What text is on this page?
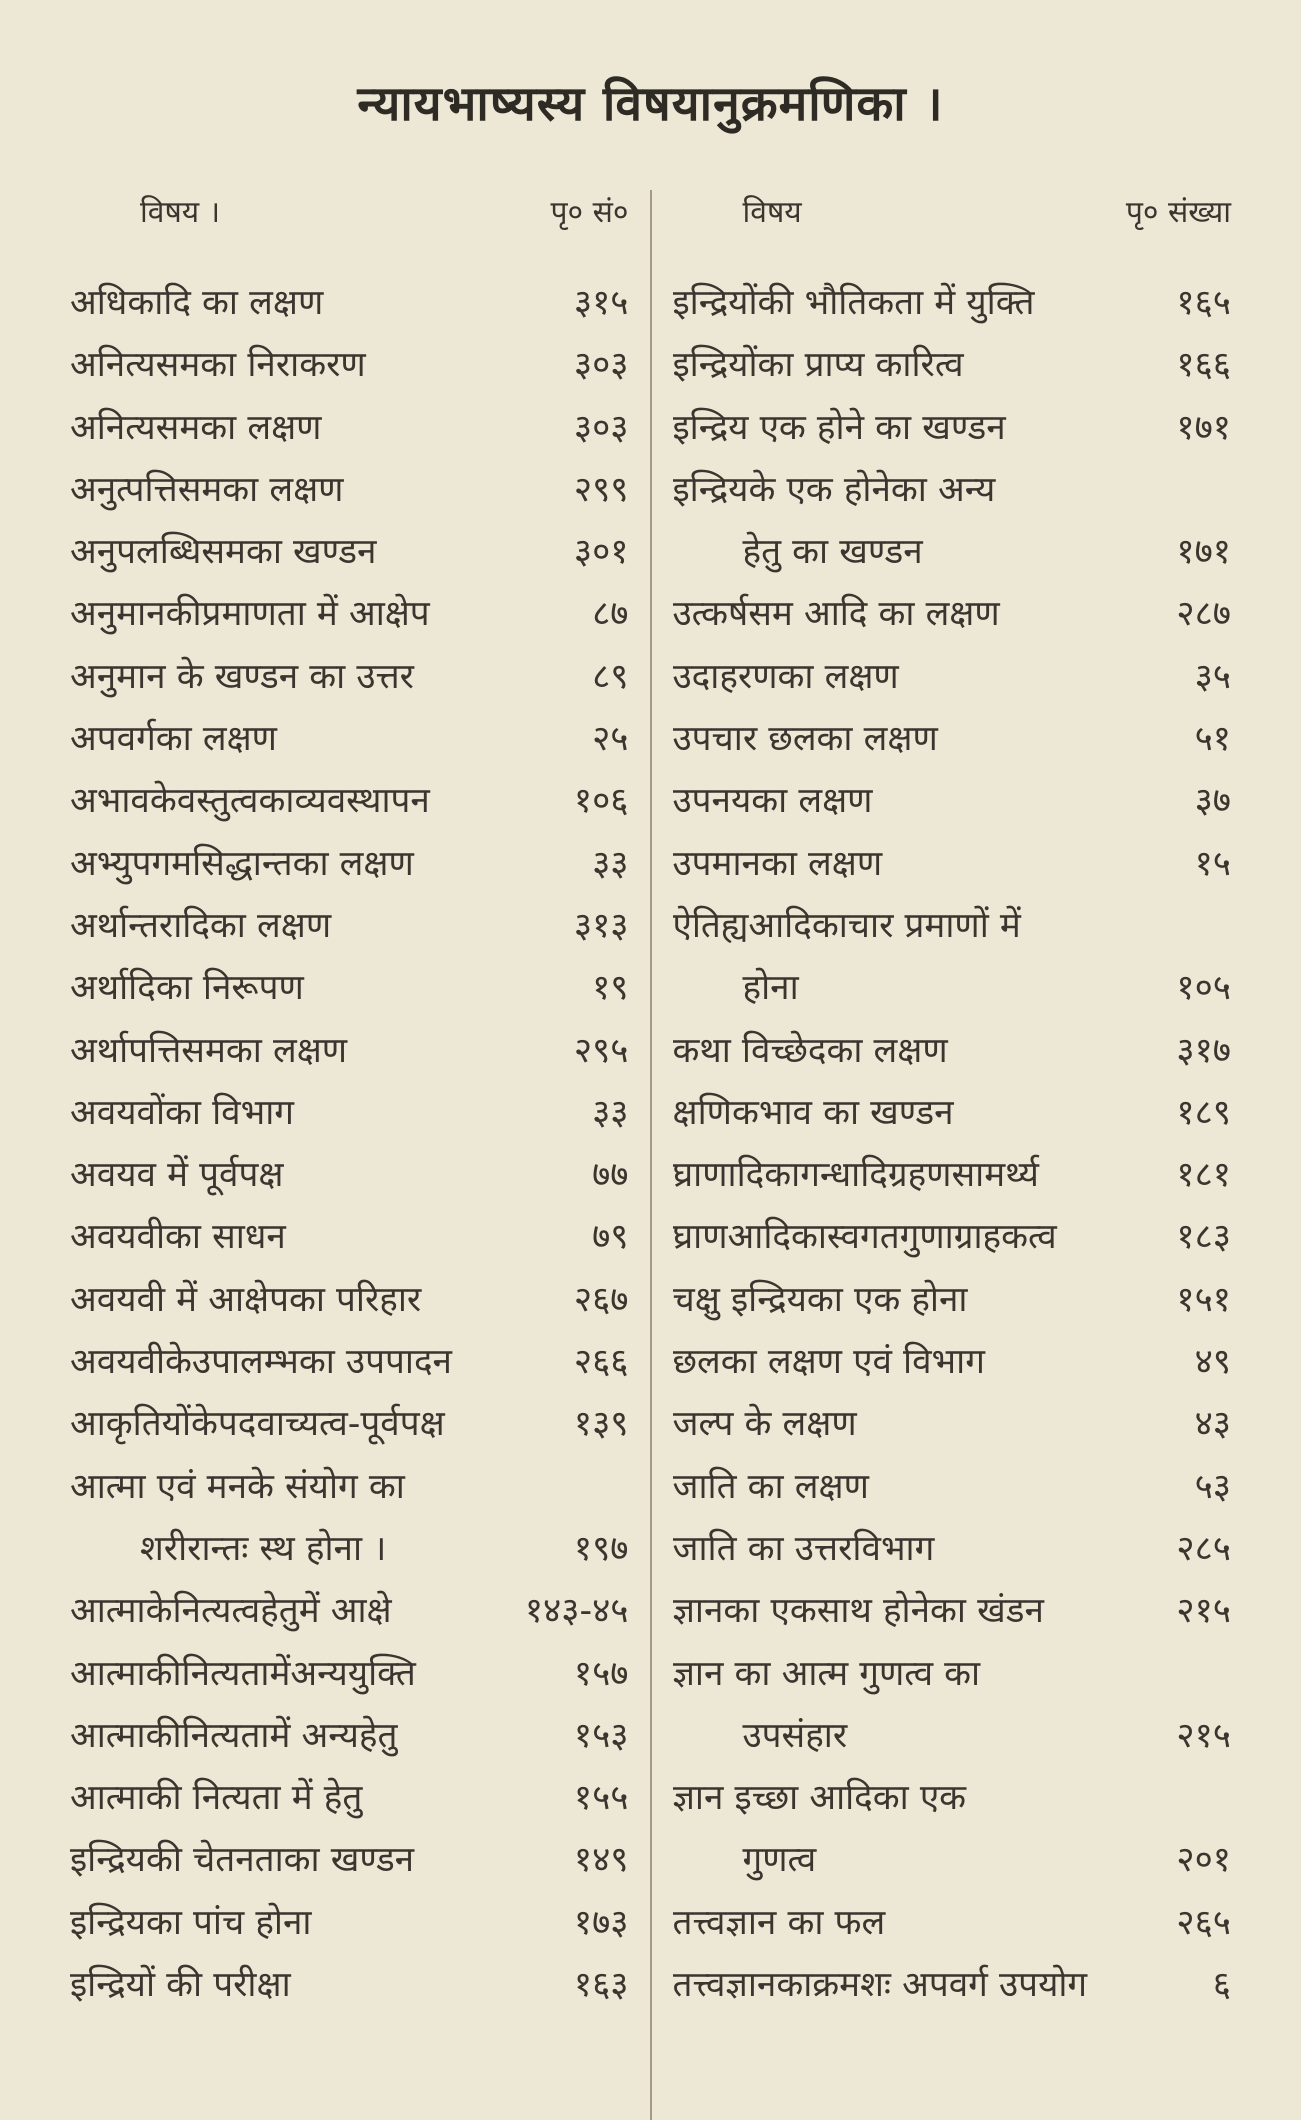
न्यायभाष्यस्य विषयानुक्रमणिका ।
विषय ।	पृ० सं०
अधिकादि का लक्षण	३१५
अनित्यसमका निराकरण	३०३
अनित्यसमका लक्षण	३०३
अनुत्पत्तिसमका लक्षण	२९९
अनुपलब्धिसमका खण्डन	३०१
अनुमानकीप्रमाणता में आक्षेप	८७
अनुमान के खण्डन का उत्तर	८९
अपवर्गका लक्षण	२५
अभावकेवस्तुत्वकाव्यवस्थापन	१०६
अभ्युपगमसिद्धान्तका लक्षण	३३
अर्थान्तरादिका लक्षण	३१३
अर्थादिका निरूपण	१९
अर्थापत्तिसमका लक्षण	२९५
अवयवोंका विभाग	३३
अवयव में पूर्वपक्ष	७७
अवयवीका साधन	७९
अवयवी में आक्षेपका परिहार	२६७
अवयवीकेउपालम्भका उपपादन	२६६
आकृतियोंकेपदवाच्यत्व-पूर्वपक्ष	१३९
आत्मा एवं मनके संयोग का
शरीरान्तः स्थ होना ।	१९७
आत्माकेनित्यत्वहेतुमें आक्षे	१४३-४५
आत्माकीनित्यतामेंअन्ययुक्ति	१५७
आत्माकीनित्यतामें अन्यहेतु	१५३
आत्माकी नित्यता में हेतु	१५५
इन्द्रियकी चेतनताका खण्डन	१४९
इन्द्रियका पांच होना	१७३
इन्द्रियों की परीक्षा	१६३
विषय	पृ० संख्या
इन्द्रियोंकी भौतिकता में युक्ति	१६५
इन्द्रियोंका प्राप्य कारित्व	१६६
इन्द्रिय एक होने का खण्डन	१७१
इन्द्रियके एक होनेका अन्य
हेतु का खण्डन	१७१
उत्कर्षसम आदि का लक्षण	२८७
उदाहरणका लक्षण	३५
उपचार छलका लक्षण	५१
उपनयका लक्षण	३७
उपमानका लक्षण	१५
ऐतिह्यआदिकाचार प्रमाणों में
होना	१०५
कथा विच्छेदका लक्षण	३१७
क्षणिकभाव का खण्डन	१८९
घ्राणादिकागन्धादिग्रहणसामर्थ्य	१८१
घ्राणआदिकास्वगतगुणाग्राहकत्व	१८३
चक्षु इन्द्रियका एक होना	१५१
छलका लक्षण एवं विभाग	४९
जल्प के लक्षण	४३
जाति का लक्षण	५३
जाति का उत्तरविभाग	२८५
ज्ञानका एकसाथ होनेका खंडन	२१५
ज्ञान का आत्म गुणत्व का
उपसंहार	२१५
ज्ञान इच्छा आदिका एक
गुणत्व	२०१
तत्त्वज्ञान का फल	२६५
तत्त्वज्ञानकाक्रमशः अपवर्ग उपयोग	६
